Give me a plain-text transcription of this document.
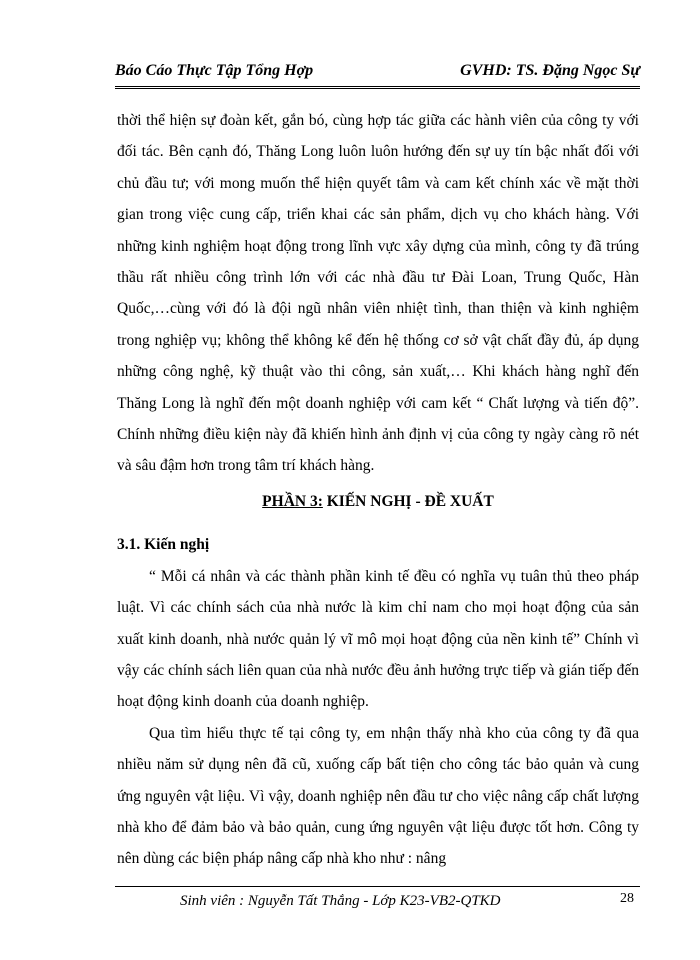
Báo Cáo Thực Tập Tổng Hợp	GVHD: TS. Đặng Ngọc Sự

thời thể hiện sự đoàn kết, gắn bó, cùng hợp tác giữa các hành viên của công ty với đối tác. Bên cạnh đó, Thăng Long luôn luôn hướng đến sự uy tín bậc nhất đối với chủ đầu tư; với mong muốn thể hiện quyết tâm và cam kết chính xác về mặt thời gian trong việc cung cấp, triển khai các sản phẩm, dịch vụ cho khách hàng. Với những kinh nghiệm hoạt động trong lĩnh vực xây dựng của mình, công ty đã trúng thầu rất nhiều công trình lớn với các nhà đầu tư Đài Loan, Trung Quốc, Hàn Quốc,…cùng với đó là đội ngũ nhân viên nhiệt tình, than thiện và kinh nghiệm trong nghiệp vụ; không thể không kể đến hệ thống cơ sở vật chất đầy đủ, áp dụng những công nghệ, kỹ thuật vào thi công, sản xuất,… Khi khách hàng nghĩ đến Thăng Long là nghĩ đến một doanh nghiệp với cam kết “ Chất lượng và tiến độ”. Chính những điều kiện này đã khiến hình ảnh định vị của công ty ngày càng rõ nét và sâu đậm hơn trong tâm trí khách hàng.

PHẦN 3: KIẾN NGHỊ - ĐỀ XUẤT

3.1. Kiến nghị

“ Mỗi cá nhân và các thành phần kinh tế đều có nghĩa vụ tuân thủ theo pháp luật. Vì các chính sách của nhà nước là kim chỉ nam cho mọi hoạt động của sản xuất kinh doanh, nhà nước quản lý vĩ mô mọi hoạt động của nền kinh tế” Chính vì vậy các chính sách liên quan của nhà nước đều ảnh hưởng trực tiếp và gián tiếp đến hoạt động kinh doanh của doanh nghiệp.

Qua tìm hiểu thực tế tại công ty, em nhận thấy nhà kho của công ty đã qua nhiều năm sử dụng nên đã cũ, xuống cấp bất tiện cho công tác bảo quản và cung ứng nguyên vật liệu. Vì vậy, doanh nghiệp nên đầu tư cho việc nâng cấp chất lượng nhà kho để đảm bảo và bảo quản, cung ứng nguyên vật liệu được tốt hơn. Công ty nên dùng các biện pháp nâng cấp nhà kho như : nâng

Sinh viên : Nguyễn Tất Thắng - Lớp K23-VB2-QTKD	28
